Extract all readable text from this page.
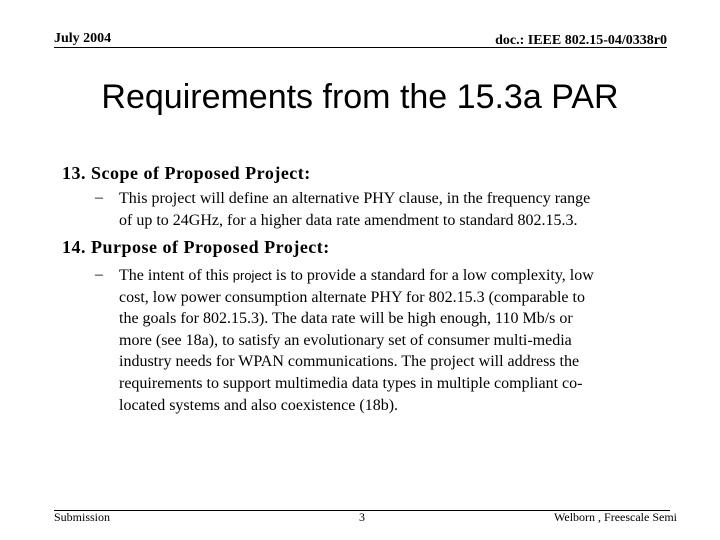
July 2004	doc.: IEEE 802.15-04/0338r0
Requirements from the 15.3a PAR
13. Scope of Proposed Project:
– This project will define an alternative PHY clause, in the frequency range
of up to 24GHz, for a higher data rate amendment to standard 802.15.3.
14. Purpose of Proposed Project:
– The intent of this project is to provide a standard for a low complexity, low
cost, low power consumption alternate PHY for 802.15.3 (comparable to
the goals for 802.15.3). The data rate will be high enough, 110 Mb/s or
more (see 18a), to satisfy an evolutionary set of consumer multi-media
industry needs for WPAN communications. The project will address the
requirements to support multimedia data types in multiple compliant co-
located systems and also coexistence (18b).
Submission	3	Welborn , Freescale Semi
